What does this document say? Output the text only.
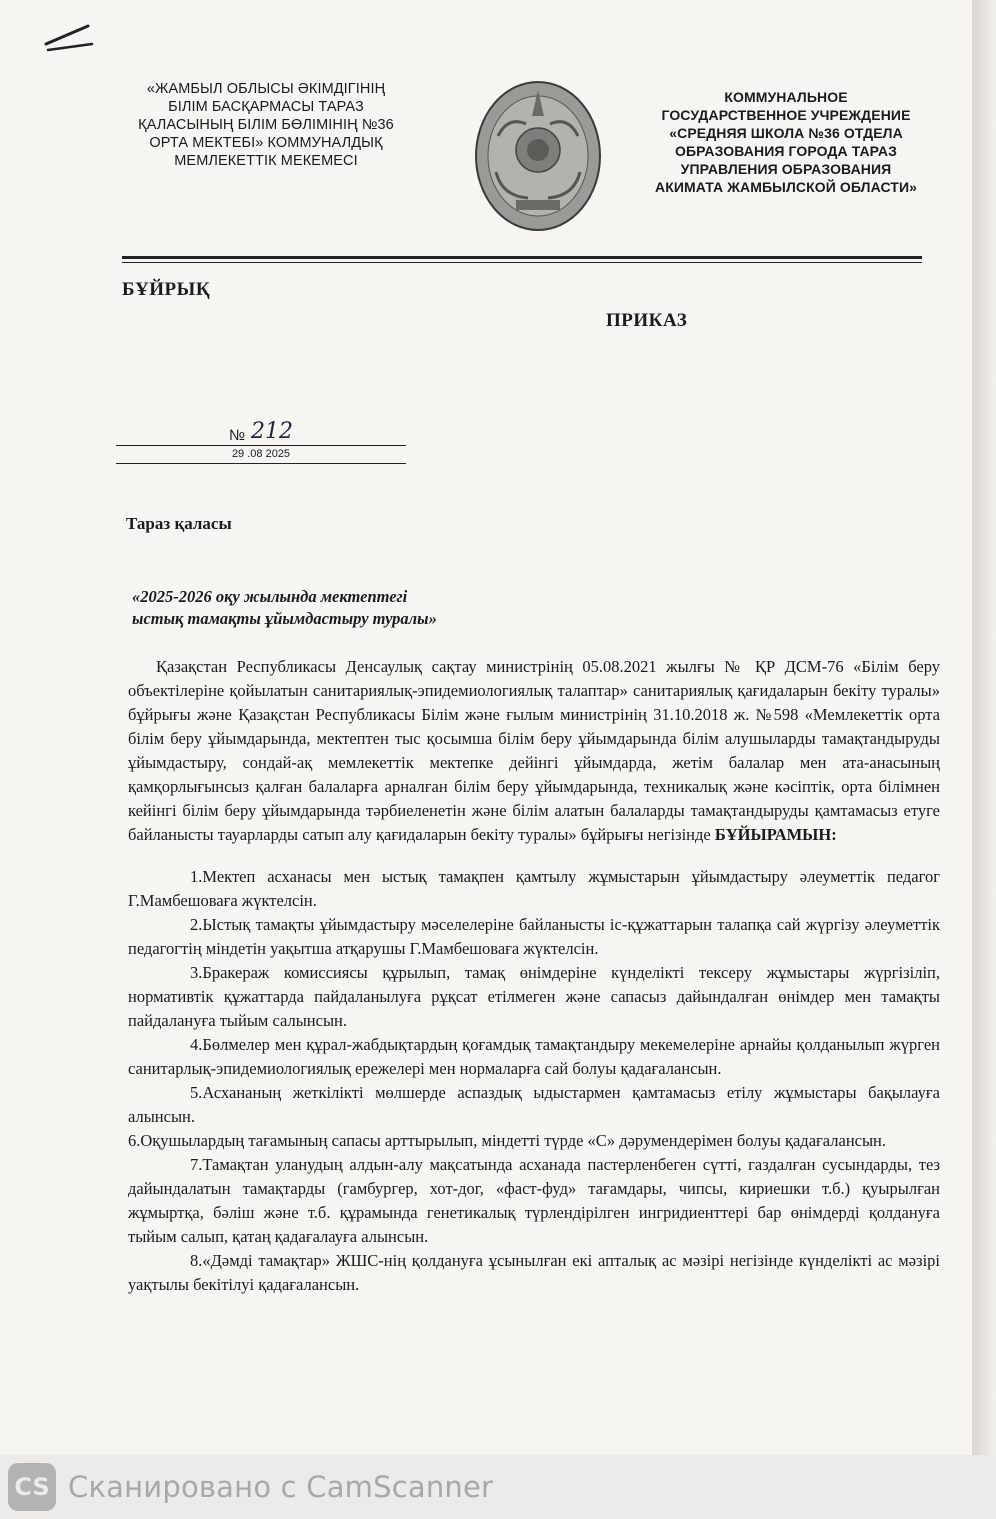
«ЖАМБЫЛ ОБЛЫСЫ ӘКІМДІГІНІҢ
БІЛІМ БАСҚАРМАСЫ ТАРАЗ
ҚАЛАСЫНЫҢ БІЛІМ БӨЛІМІНІҢ №36
ОРТА МЕКТЕБІ» КОММУНАЛДЫҚ
МЕМЛЕКЕТТІК МЕКЕМЕСІ
КОММУНАЛЬНОЕ
ГОСУДАРСТВЕННОЕ УЧРЕЖДЕНИЕ
«СРЕДНЯЯ ШКОЛА №36 ОТДЕЛА
ОБРАЗОВАНИЯ ГОРОДА ТАРАЗ
УПРАВЛЕНИЯ ОБРАЗОВАНИЯ
АКИМАТА ЖАМБЫЛСКОЙ ОБЛАСТИ»
БҰЙРЫҚ
ПРИКАЗ
№ 212
29 .08 2025
Тараз қаласы
«2025-2026 оқу жылында мектептегі
ыстық тамақты ұйымдастыру туралы»

Қазақстан Республикасы Денсаулық сақтау министрінің 05.08.2021 жылғы № ҚР ДСМ-76 «Білім беру объектілеріне қойылатын санитариялық-эпидемиологиялық талаптар» санитариялық қағидаларын бекіту туралы» бұйрығы және Қазақстан Республикасы Білім және ғылым министрінің 31.10.2018 ж. №598 «Мемлекеттік орта білім беру ұйымдарында, мектептен тыс қосымша білім беру ұйымдарында білім алушыларды тамақтандыруды ұйымдастыру, сондай-ақ мемлекеттік мектепке дейінгі ұйымдарда, жетім балалар мен ата-анасының қамқорлығынсыз қалған балаларға арналған білім беру ұйымдарында, техникалық және кәсіптік, орта білімнен кейінгі білім беру ұйымдарында тәрбиеленетін және білім алатын балаларды тамақтандыруды қамтамасыз етуге байланысты тауарларды сатып алу қағидаларын бекіту туралы» бұйрығы негізінде БҰЙЫРАМЫН:

1.Мектеп асханасы мен ыстық тамақпен қамтылу жұмыстарын ұйымдастыру әлеуметтік педагог Г.Мамбешоваға жүктелсін.

2.Ыстық тамақты ұйымдастыру мәселелеріне байланысты іс-құжаттарын талапқа сай жүргізу әлеуметтік педагогтің міндетін уақытша атқарушы Г.Мамбешоваға жүктелсін.

3.Бракераж комиссиясы құрылып, тамақ өнімдеріне күнделікті тексеру жұмыстары жүргізіліп, нормативтік құжаттарда пайдаланылуға рұқсат етілмеген және сапасыз дайындалған өнімдер мен тамақты пайдалануға тыйым салынсын.

4.Бөлмелер мен құрал-жабдықтардың қоғамдық тамақтандыру мекемелеріне арнайы қолданылып жүрген санитарлық-эпидемиологиялық ережелері мен нормаларға сай болуы қадағалансын.

5.Асхананың жеткілікті мөлшерде аспаздық ыдыстармен қамтамасыз етілу жұмыстары бақылауға алынсын.

6.Оқушылардың тағамының сапасы арттырылып, міндетті түрде «С» дәрумендерімен болуы қадағалансын.

7.Тамақтан уланудың алдын-алу мақсатында асханада пастерленбеген сүтті, газдалған сусындарды, тез дайындалатын тамақтарды (гамбургер, хот-дог, «фаст-фуд» тағамдары, чипсы, кириешки т.б.) қуырылған жұмыртқа, бәліш және т.б. құрамында генетикалық түрлендірілген ингридиенттері бар өнімдерді қолдануға тыйым салып, қатаң қадағалауға алынсын.

8.«Дәмді тамақтар» ЖШС-нің қолдануға ұсынылған екі апталық ас мәзірі негізінде күнделікті ас мәзірі уақтылы бекітілуі қадағалансын.

CS Сканировано с CamScanner
